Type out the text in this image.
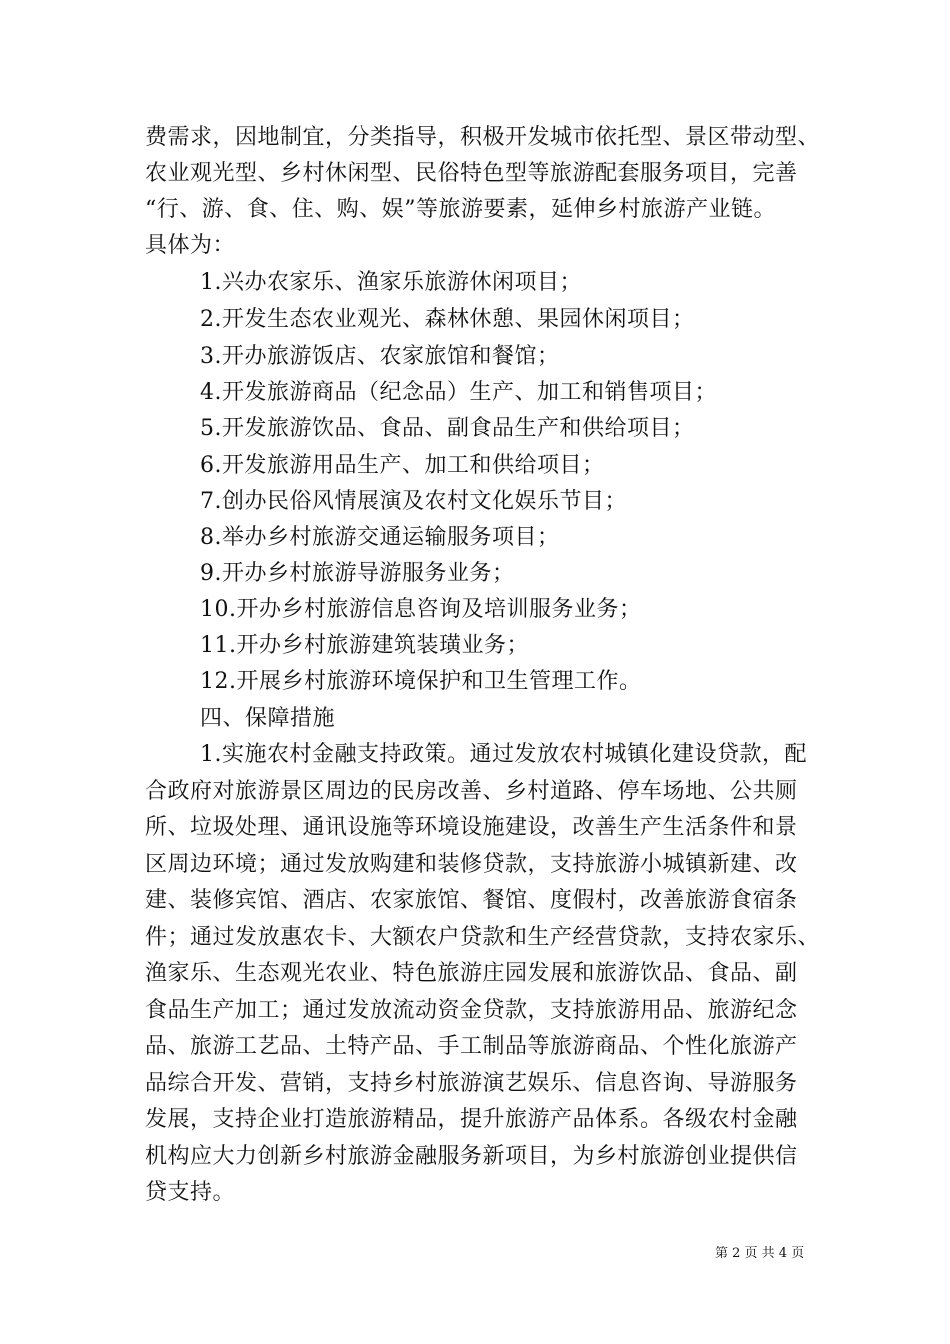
费需求，因地制宜，分类指导，积极开发城市依托型、景区带动型、
农业观光型、乡村休闲型、民俗特色型等旅游配套服务项目，完善
“行、游、食、住、购、娱”等旅游要素，延伸乡村旅游产业链。
具体为：
1.兴办农家乐、渔家乐旅游休闲项目；
2.开发生态农业观光、森林休憩、果园休闲项目；
3.开办旅游饭店、农家旅馆和餐馆；
4.开发旅游商品（纪念品）生产、加工和销售项目；
5.开发旅游饮品、食品、副食品生产和供给项目；
6.开发旅游用品生产、加工和供给项目；
7.创办民俗风情展演及农村文化娱乐节目；
8.举办乡村旅游交通运输服务项目；
9.开办乡村旅游导游服务业务；
10.开办乡村旅游信息咨询及培训服务业务；
11.开办乡村旅游建筑装璜业务；
12.开展乡村旅游环境保护和卫生管理工作。
四、保障措施
1.实施农村金融支持政策。通过发放农村城镇化建设贷款，配
合政府对旅游景区周边的民房改善、乡村道路、停车场地、公共厕
所、垃圾处理、通讯设施等环境设施建设，改善生产生活条件和景
区周边环境；通过发放购建和装修贷款，支持旅游小城镇新建、改
建、装修宾馆、酒店、农家旅馆、餐馆、度假村，改善旅游食宿条
件；通过发放惠农卡、大额农户贷款和生产经营贷款，支持农家乐、
渔家乐、生态观光农业、特色旅游庄园发展和旅游饮品、食品、副
食品生产加工；通过发放流动资金贷款，支持旅游用品、旅游纪念
品、旅游工艺品、土特产品、手工制品等旅游商品、个性化旅游产
品综合开发、营销，支持乡村旅游演艺娱乐、信息咨询、导游服务
发展，支持企业打造旅游精品，提升旅游产品体系。各级农村金融
机构应大力创新乡村旅游金融服务新项目，为乡村旅游创业提供信
贷支持。
第 2 页 共 4 页
